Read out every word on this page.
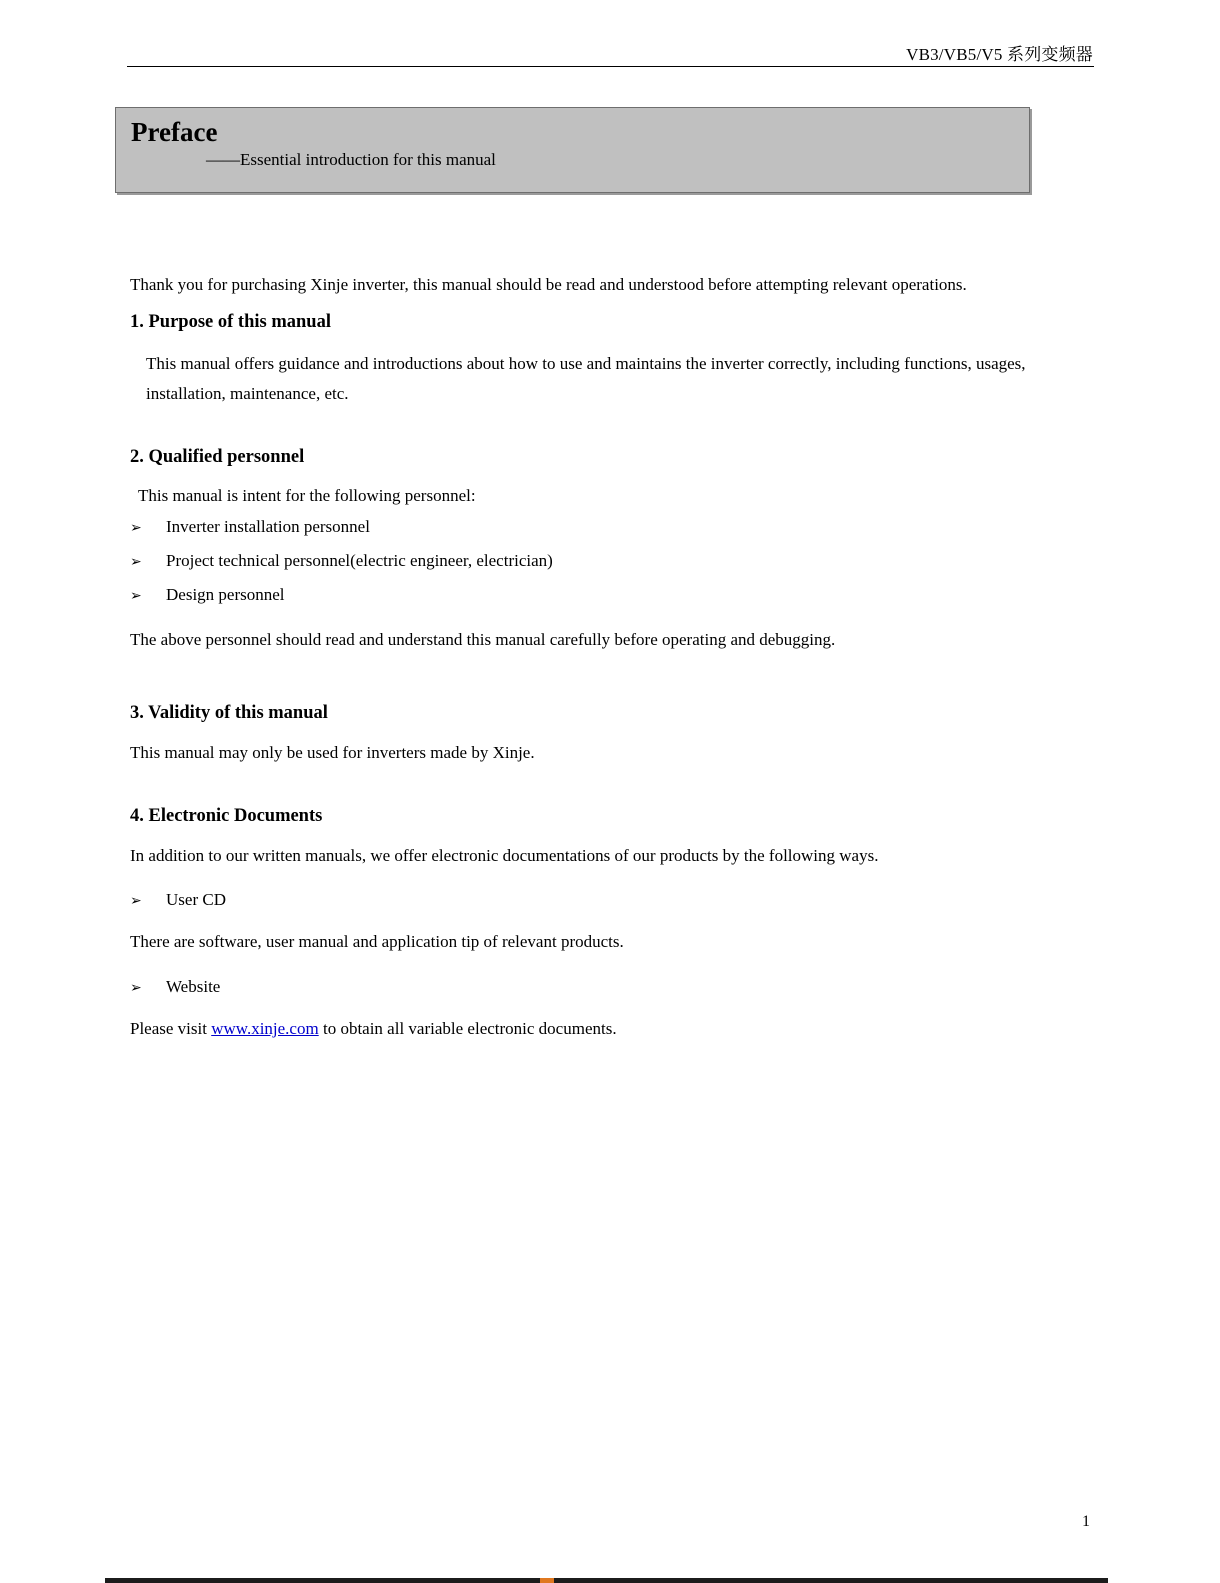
VB3/VB5/V5 系列变频器
Preface
——Essential introduction for this manual

Thank you for purchasing Xinje inverter, this manual should be read and understood before attempting relevant operations.

1. Purpose of this manual

This manual offers guidance and introductions about how to use and maintains the inverter correctly, including functions, usages, installation, maintenance, etc.

2. Qualified personnel

This manual is intent for the following personnel:

➢	Inverter installation personnel
➢	Project technical personnel(electric engineer, electrician)
➢	Design personnel

The above personnel should read and understand this manual carefully before operating and debugging.

3. Validity of this manual

This manual may only be used for inverters made by Xinje.

4. Electronic Documents

In addition to our written manuals, we offer electronic documentations of our products by the following ways.

➢	User CD

There are software, user manual and application tip of relevant products.

➢	Website

Please visit www.xinje.com to obtain all variable electronic documents.

1
